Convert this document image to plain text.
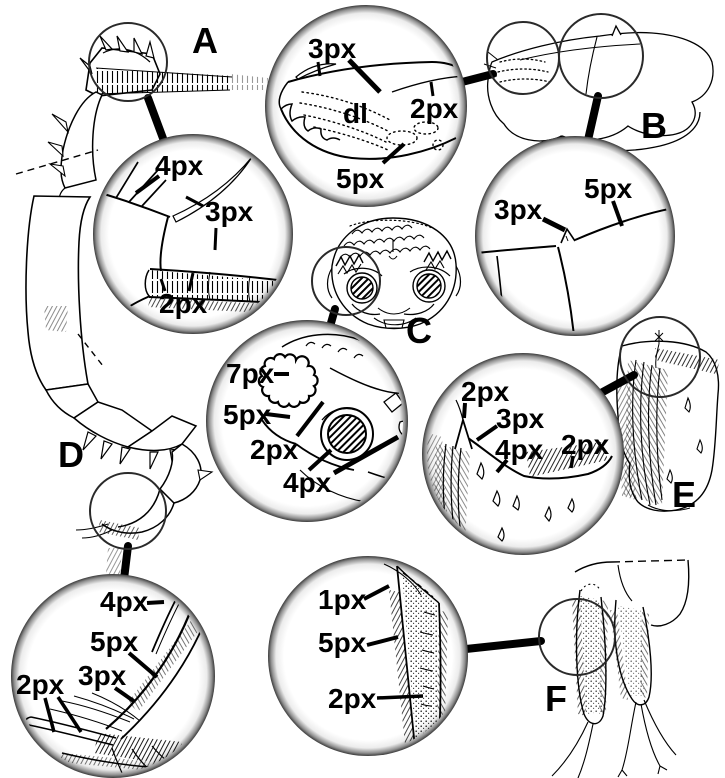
4px
3px
2px
3px
dl 2px
5px
3px
5px
7px
5px
2px
4px
2px
3px
4px 2px
4px
5px
3px
2px
1px
5px
2px
A
B
C
D
E
F
